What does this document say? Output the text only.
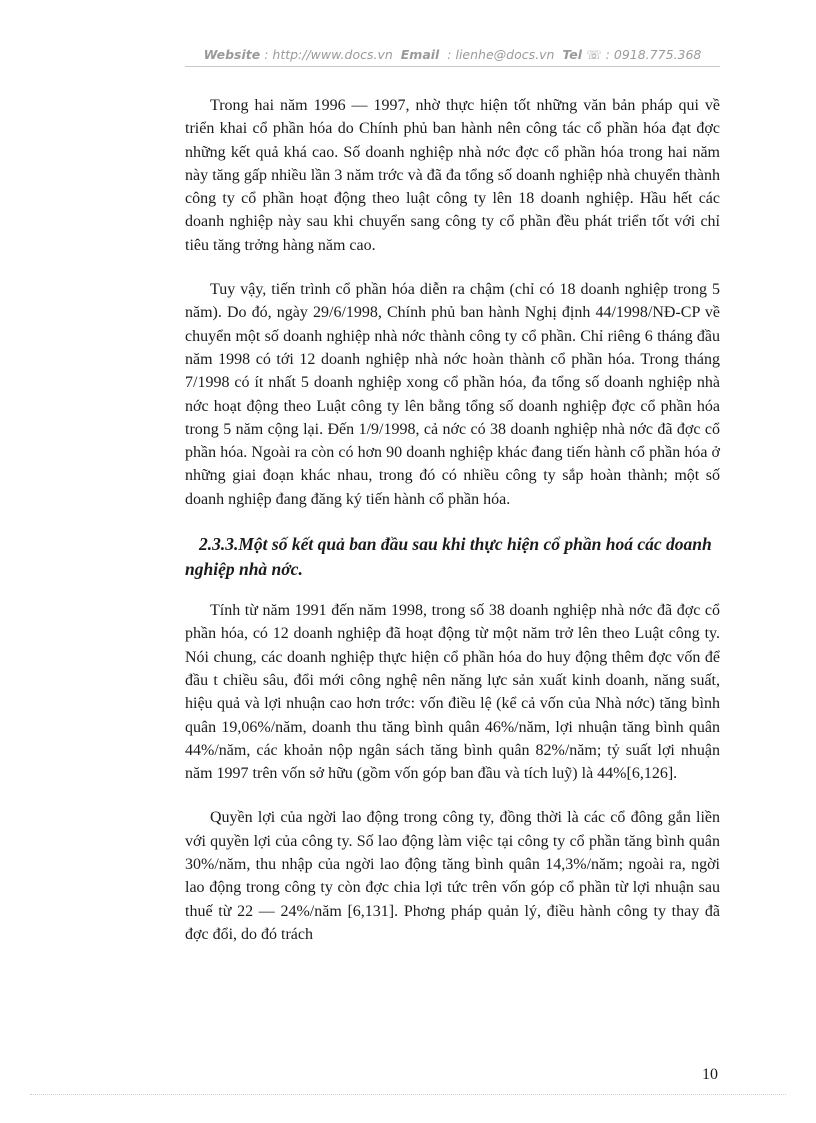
Website : http://www.docs.vn Email  : lienhe@docs.vn Tel ☏ : 0918.775.368

Trong hai năm 1996 — 1997, nhờ thực hiện tốt những văn bản pháp qui về triển khai cổ phần hóa do Chính phủ ban hành nên công tác cổ phần hóa đạt đợc những kết quả khá cao. Số doanh nghiệp nhà nớc đợc cổ phần hóa trong hai năm này tăng gấp nhiều lần 3 năm trớc và đã đa tổng số doanh nghiệp nhà chuyển thành công ty cổ phần hoạt động theo luật công ty lên 18 doanh nghiệp. Hầu hết các doanh nghiệp này sau khi chuyển sang công ty cổ phần đều phát triển tốt với chỉ tiêu tăng trởng hàng năm cao.

Tuy vậy, tiến trình cổ phần hóa diễn ra chậm (chỉ có 18 doanh nghiệp trong 5 năm). Do đó, ngày 29/6/1998, Chính phủ ban hành Nghị định 44/1998/NĐ-CP về chuyển một số doanh nghiệp nhà nớc thành công ty cổ phần. Chỉ riêng 6 tháng đầu năm 1998 có tới 12 doanh nghiệp nhà nớc hoàn thành cổ phần hóa. Trong tháng 7/1998 có ít nhất 5 doanh nghiệp xong cổ phần hóa, đa tổng số doanh nghiệp nhà nớc hoạt động theo Luật công ty lên bằng tổng số doanh nghiệp đợc cổ phần hóa trong 5 năm cộng lại. Đến 1/9/1998, cả nớc có 38 doanh nghiệp nhà nớc đã đợc cổ phần hóa. Ngoài ra còn có hơn 90 doanh nghiệp khác đang tiến hành cổ phần hóa ở những giai đoạn khác nhau, trong đó có nhiều công ty sắp hoàn thành; một số doanh nghiệp đang đăng ký tiến hành cổ phần hóa.

2.3.3.Một số kết quả ban đầu sau khi thực hiện cổ phần hoá các doanh nghiệp nhà nớc.

Tính từ năm 1991 đến năm 1998, trong số 38 doanh nghiệp nhà nớc đã đợc cổ phần hóa, có 12 doanh nghiệp đã hoạt động từ một năm trở lên theo Luật công ty. Nói chung, các doanh nghiệp thực hiện cổ phần hóa do huy động thêm đợc vốn để đầu t chiều sâu, đổi mới công nghệ nên năng lực sản xuất kinh doanh, năng suất, hiệu quả và lợi nhuận cao hơn trớc: vốn điều lệ (kể cả vốn của Nhà nớc) tăng bình quân 19,06%/năm, doanh thu tăng bình quân 46%/năm, lợi nhuận tăng bình quân 44%/năm, các khoản nộp ngân sách tăng bình quân 82%/năm; tỷ suất lợi nhuận năm 1997 trên vốn sở hữu (gồm vốn góp ban đầu và tích luỹ) là 44%[6,126].

Quyền lợi của ngời lao động trong công ty, đồng thời là các cổ đông gắn liền với quyền lợi của công ty. Số lao động làm việc tại công ty cổ phần tăng bình quân 30%/năm, thu nhập của ngời lao động tăng bình quân 14,3%/năm; ngoài ra, ngời lao động trong công ty còn đợc chia lợi tức trên vốn góp cổ phần từ lợi nhuận sau thuế từ 22 — 24%/năm [6,131]. Phơng pháp quản lý, điều hành công ty thay đã đợc đổi, do đó trách

10
